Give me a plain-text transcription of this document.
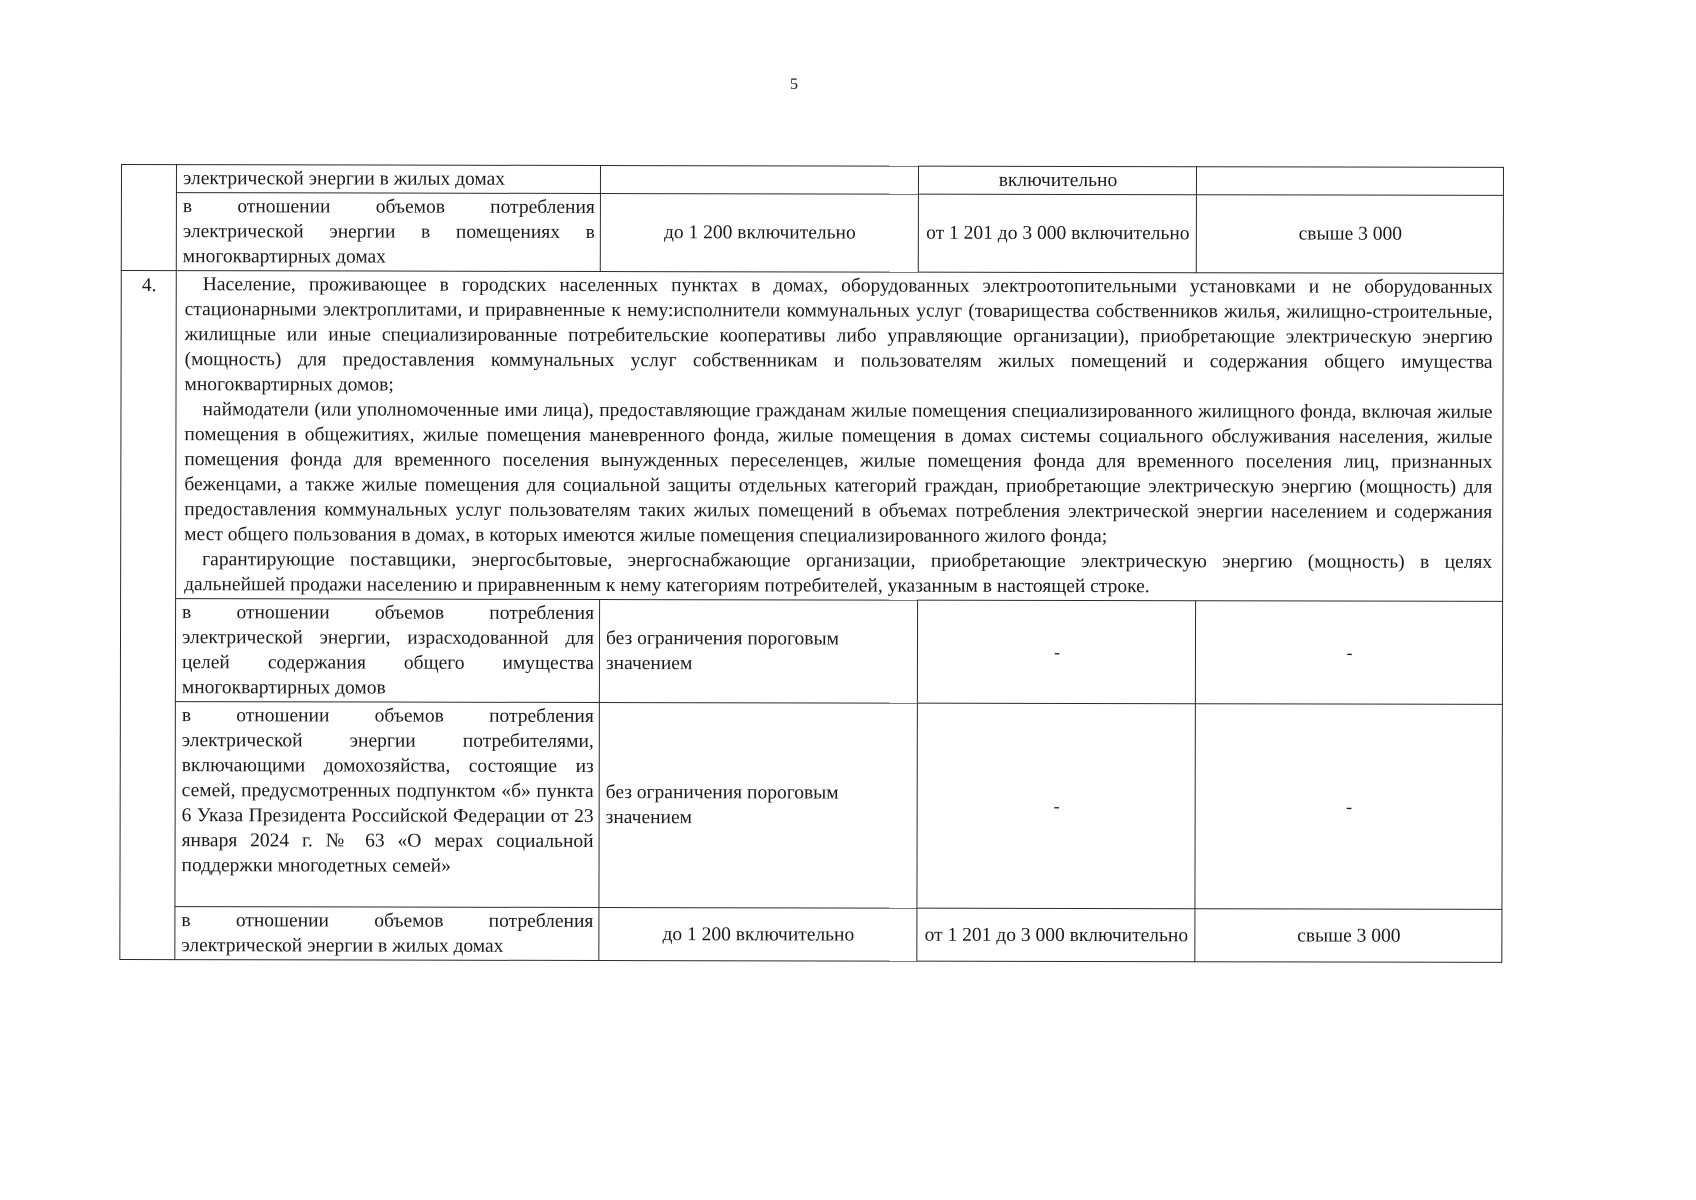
5
	электрической энергии в жилых домах		включительно	
	в отношении объемов потребления электрической энергии в помещениях в многоквартирных домах	до 1 200 включительно	от 1 201 до 3 000 включительно	свыше 3 000
4.	Население, проживающее в городских населенных пунктах в домах, оборудованных электроотопительными установками и не оборудованных стационарными электроплитами, и приравненные к нему:исполнители коммунальных услуг (товарищества собственников жилья, жилищно-строительные, жилищные или иные специализированные потребительские кооперативы либо управляющие организации), приобретающие электрическую энергию (мощность) для предоставления коммунальных услуг собственникам и пользователям жилых помещений и содержания общего имущества многоквартирных домов;

наймодатели (или уполномоченные ими лица), предоставляющие гражданам жилые помещения специализированного жилищного фонда, включая жилые помещения в общежитиях, жилые помещения маневренного фонда, жилые помещения в домах системы социального обслуживания населения, жилые помещения фонда для временного поселения вынужденных переселенцев, жилые помещения фонда для временного поселения лиц, признанных беженцами, а также жилые помещения для социальной защиты отдельных категорий граждан, приобретающие электрическую энергию (мощность) для предоставления коммунальных услуг пользователям таких жилых помещений в объемах потребления электрической энергии населением и содержания мест общего пользования в домах, в которых имеются жилые помещения специализированного жилого фонда;

гарантирующие поставщики, энергосбытовые, энергоснабжающие организации, приобретающие электрическую энергию (мощность) в целях дальнейшей продажи населению и приравненным к нему категориям потребителей, указанным в настоящей строке.			

	в отношении объемов потребления электрической энергии, израсходованной для целей содержания общего имущества многоквартирных домов	без ограничения пороговым значением	-	-
	в отношении объемов потребления электрической энергии потребителями, включающими домохозяйства, состоящие из семей, предусмотренных подпунктом «б» пункта 6 Указа Президента Российской Федерации от 23 января 2024 г. № 63 «О мерах социальной поддержки многодетных семей»	без ограничения пороговым значением	-	-
	в отношении объемов потребления электрической энергии в жилых домах	до 1 200 включительно	от 1 201 до 3 000 включительно	свыше 3 000
